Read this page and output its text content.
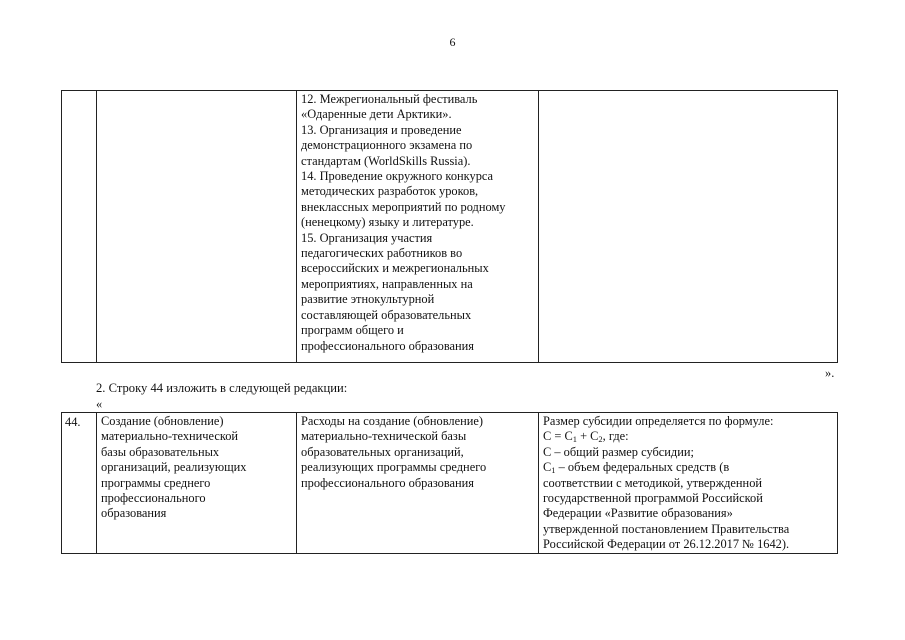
6

12. Межрегиональный фестиваль
«Одаренные дети Арктики».
13. Организация и проведение
демонстрационного экзамена по
стандартам (WorldSkills Russia).
14. Проведение окружного конкурса
методических разработок уроков,
внеклассных мероприятий по родному
(ненецкому) языку и литературе.
15. Организация участия
педагогических работников во
всероссийских и межрегиональных
мероприятиях, направленных на
развитие этнокультурной
составляющей образовательных
программ общего и
профессионального образования

».
2. Строку 44 изложить в следующей редакции:
«
44.	Создание (обновление)
материально-технической
базы образовательных
организаций, реализующих
программы среднего
профессионального
образования

Расходы на создание (обновление)
материально-технической базы
образовательных организаций,
реализующих программы среднего
профессионального образования

Размер субсидии определяется по формуле:
$С = С_1 + С_2$, где:
С – общий размер субсидии;
$С_1$ – объем федеральных средств (в
соответствии с методикой, утвержденной
государственной программой Российской
Федерации «Развитие образования»
утвержденной постановлением Правительства
Российской Федерации от 26.12.2017 № 1642).
